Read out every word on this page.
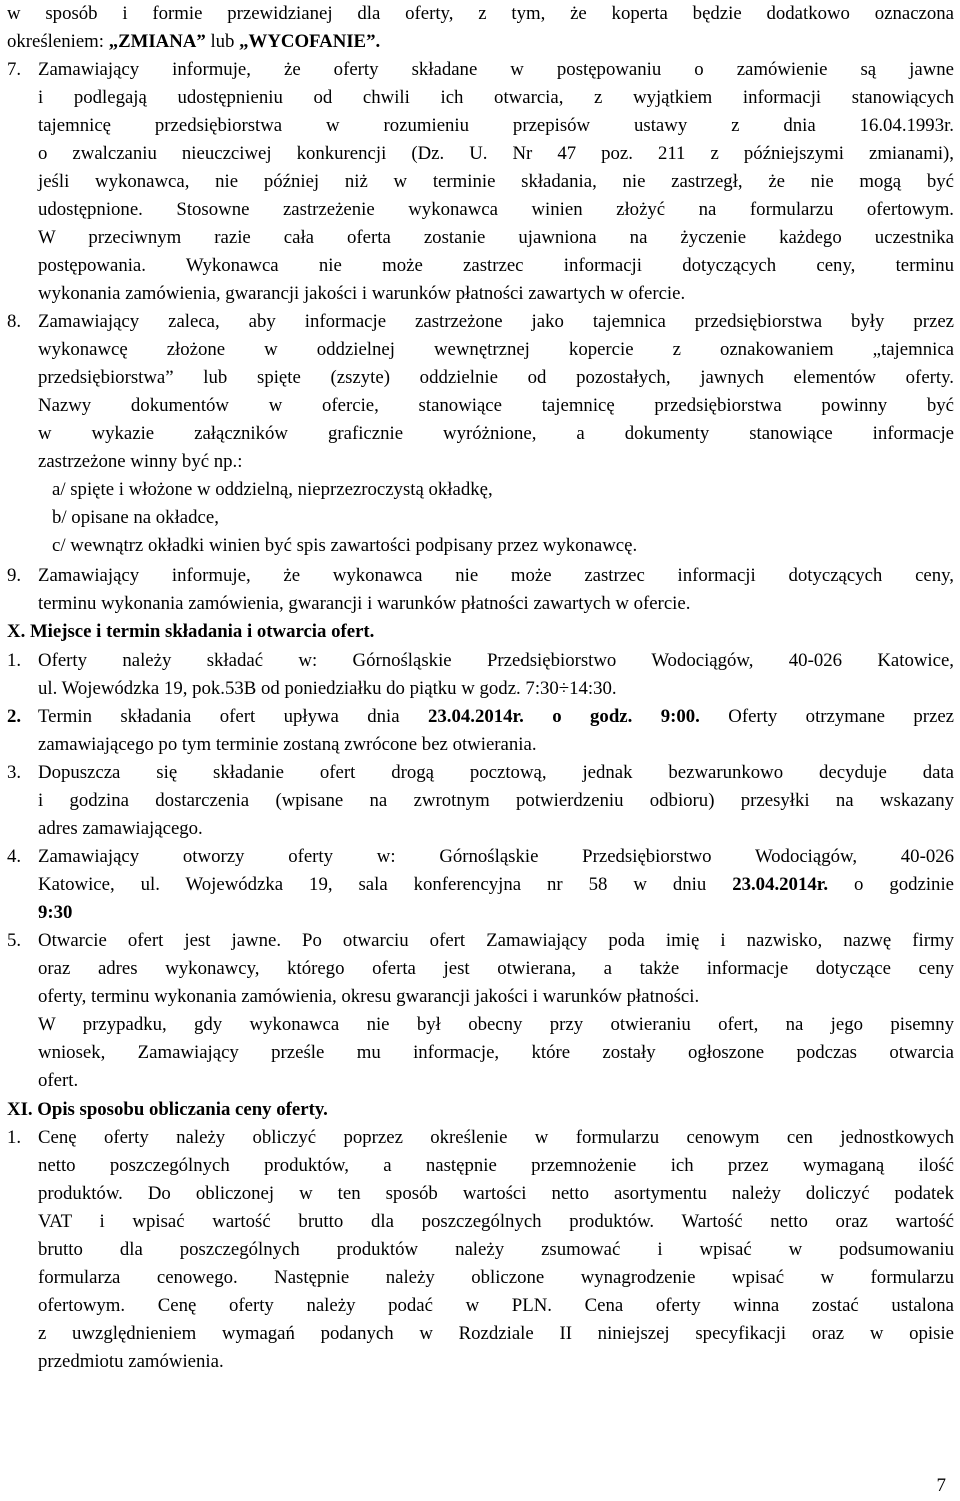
w sposób i formie przewidzianej dla oferty, z tym, że koperta będzie dodatkowo oznaczona
określeniem: „ZMIANA” lub „WYCOFANIE”.
7. Zamawiający informuje, że oferty składane w postępowaniu o zamówienie są jawne
i podlegają udostępnieniu od chwili ich otwarcia, z wyjątkiem informacji stanowiących
tajemnicę przedsiębiorstwa w rozumieniu przepisów ustawy z dnia 16.04.1993r.
o zwalczaniu nieuczciwej konkurencji (Dz. U. Nr 47 poz. 211 z późniejszymi zmianami),
jeśli wykonawca, nie później niż w terminie składania, nie zastrzegł, że nie mogą być
udostępnione. Stosowne zastrzeżenie wykonawca winien złożyć na formularzu ofertowym.
W przeciwnym razie cała oferta zostanie ujawniona na życzenie każdego uczestnika
postępowania. Wykonawca nie może zastrzec informacji dotyczących ceny, terminu
wykonania zamówienia, gwarancji jakości i warunków płatności zawartych w ofercie.
8. Zamawiający zaleca, aby informacje zastrzeżone jako tajemnica przedsiębiorstwa były przez
wykonawcę złożone w oddzielnej wewnętrznej kopercie z oznakowaniem „tajemnica
przedsiębiorstwa” lub spięte (zszyte) oddzielnie od pozostałych, jawnych elementów oferty.
Nazwy dokumentów w ofercie, stanowiące tajemnicę przedsiębiorstwa powinny być
w wykazie załączników graficznie wyróżnione, a dokumenty stanowiące informacje
zastrzeżone winny być np.:
a/ spięte i włożone w oddzielną, nieprzezroczystą okładkę,
b/ opisane na okładce,
c/ wewnątrz okładki winien być spis zawartości podpisany przez wykonawcę.
9. Zamawiający informuje, że wykonawca nie może zastrzec informacji dotyczących ceny,
terminu wykonania zamówienia, gwarancji i warunków płatności zawartych w ofercie.
X. Miejsce i termin składania i otwarcia ofert.
1. Oferty należy składać w: Górnośląskie Przedsiębiorstwo Wodociągów, 40-026 Katowice,
ul. Wojewódzka 19, pok.53B od poniedziałku do piątku w godz. 7:30÷14:30.
2. Termin składania ofert upływa dnia 23.04.2014r. o godz. 9:00. Oferty otrzymane przez
zamawiającego po tym terminie zostaną zwrócone bez otwierania.
3. Dopuszcza się składanie ofert drogą pocztową, jednak bezwarunkowo decyduje data
i godzina dostarczenia (wpisane na zwrotnym potwierdzeniu odbioru) przesyłki na wskazany
adres zamawiającego.
4. Zamawiający otworzy oferty w: Górnośląskie Przedsiębiorstwo Wodociągów, 40-026
Katowice, ul. Wojewódzka 19, sala konferencyjna nr 58 w dniu 23.04.2014r. o godzinie
9:30
5. Otwarcie ofert jest jawne. Po otwarciu ofert Zamawiający poda imię i nazwisko, nazwę firmy
oraz adres wykonawcy, którego oferta jest otwierana, a także informacje dotyczące ceny
oferty, terminu wykonania zamówienia, okresu gwarancji jakości i warunków płatności.
W przypadku, gdy wykonawca nie był obecny przy otwieraniu ofert, na jego pisemny
wniosek, Zamawiający prześle mu informacje, które zostały ogłoszone podczas otwarcia
ofert.
XI. Opis sposobu obliczania ceny oferty.
1. Cenę oferty należy obliczyć poprzez określenie w formularzu cenowym cen jednostkowych
netto poszczególnych produktów, a następnie przemnożenie ich przez wymaganą ilość
produktów. Do obliczonej w ten sposób wartości netto asortymentu należy doliczyć podatek
VAT i wpisać wartość brutto dla poszczególnych produktów. Wartość netto oraz wartość
brutto dla poszczególnych produktów należy zsumować i wpisać w podsumowaniu
formularza cenowego. Następnie należy obliczone wynagrodzenie wpisać w formularzu
ofertowym. Cenę oferty należy podać w PLN. Cena oferty winna zostać ustalona
z uwzględnieniem wymagań podanych w Rozdziale II niniejszej specyfikacji oraz w opisie
przedmiotu zamówienia.
7
